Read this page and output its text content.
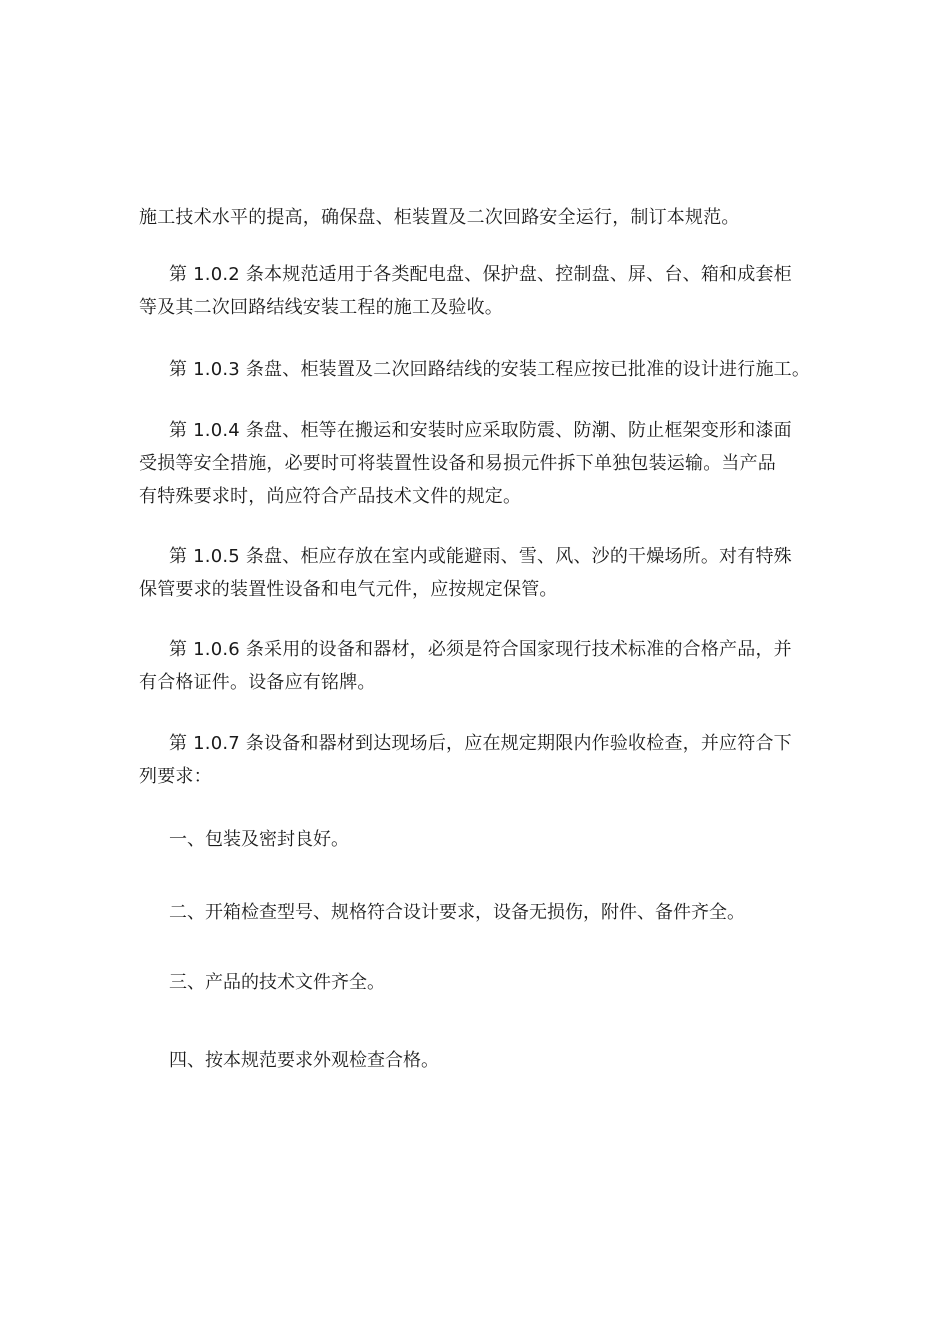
施工技术水平的提高，确保盘、柜装置及二次回路安全运行，制订本规范。

第 1.0.2 条本规范适用于各类配电盘、保护盘、控制盘、屏、台、箱和成套柜
等及其二次回路结线安装工程的施工及验收。

第 1.0.3 条盘、柜装置及二次回路结线的安装工程应按已批准的设计进行施工。

第 1.0.4 条盘、柜等在搬运和安装时应采取防震、防潮、防止框架变形和漆面
受损等安全措施，必要时可将装置性设备和易损元件拆下单独包装运输。当产品
有特殊要求时，尚应符合产品技术文件的规定。

第 1.0.5 条盘、柜应存放在室内或能避雨、雪、风、沙的干燥场所。对有特殊
保管要求的装置性设备和电气元件，应按规定保管。

第 1.0.6 条采用的设备和器材，必须是符合国家现行技术标准的合格产品，并
有合格证件。设备应有铭牌。

第 1.0.7 条设备和器材到达现场后，应在规定期限内作验收检查，并应符合下
列要求：

一、包装及密封良好。

二、开箱检查型号、规格符合设计要求，设备无损伤，附件、备件齐全。

三、产品的技术文件齐全。

四、按本规范要求外观检查合格。
